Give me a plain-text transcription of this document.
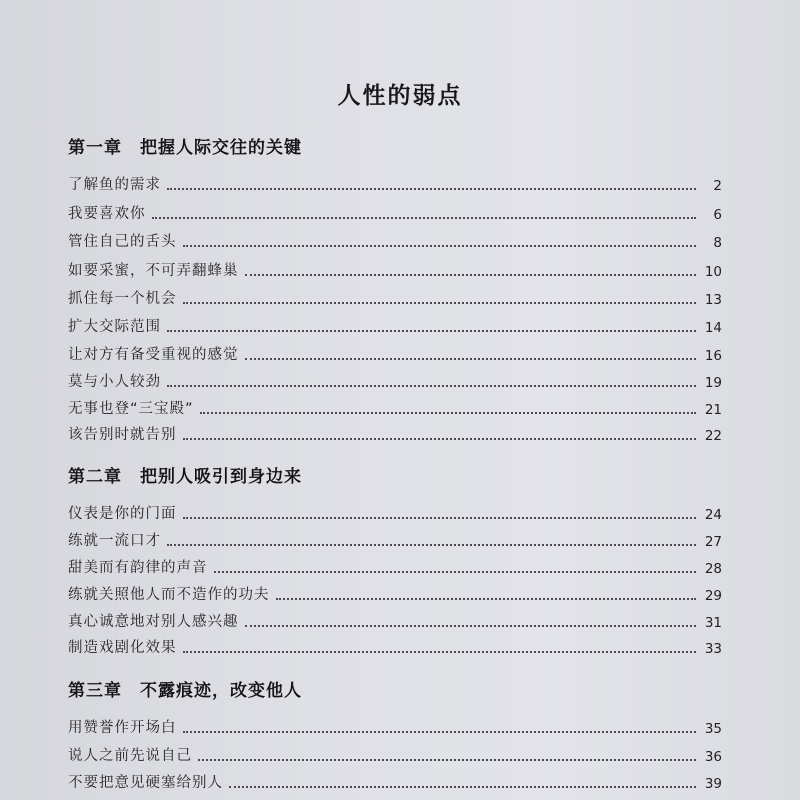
人性的弱点
第一章 把握人际交往的关键
了解鱼的需求	2
我要喜欢你	6
管住自己的舌头	8
如要采蜜，不可弄翻蜂巢	10
抓住每一个机会	13
扩大交际范围	14
让对方有备受重视的感觉	16
莫与小人较劲	19
无事也登“三宝殿”	21
该告别时就告别	22
第二章 把别人吸引到身边来
仪表是你的门面	24
练就一流口才	27
甜美而有韵律的声音	28
练就关照他人而不造作的功夫	29
真心诚意地对别人感兴趣	31
制造戏剧化效果	33
第三章 不露痕迹，改变他人
用赞誉作开场白	35
说人之前先说自己	36
不要把意见硬塞给别人	39
